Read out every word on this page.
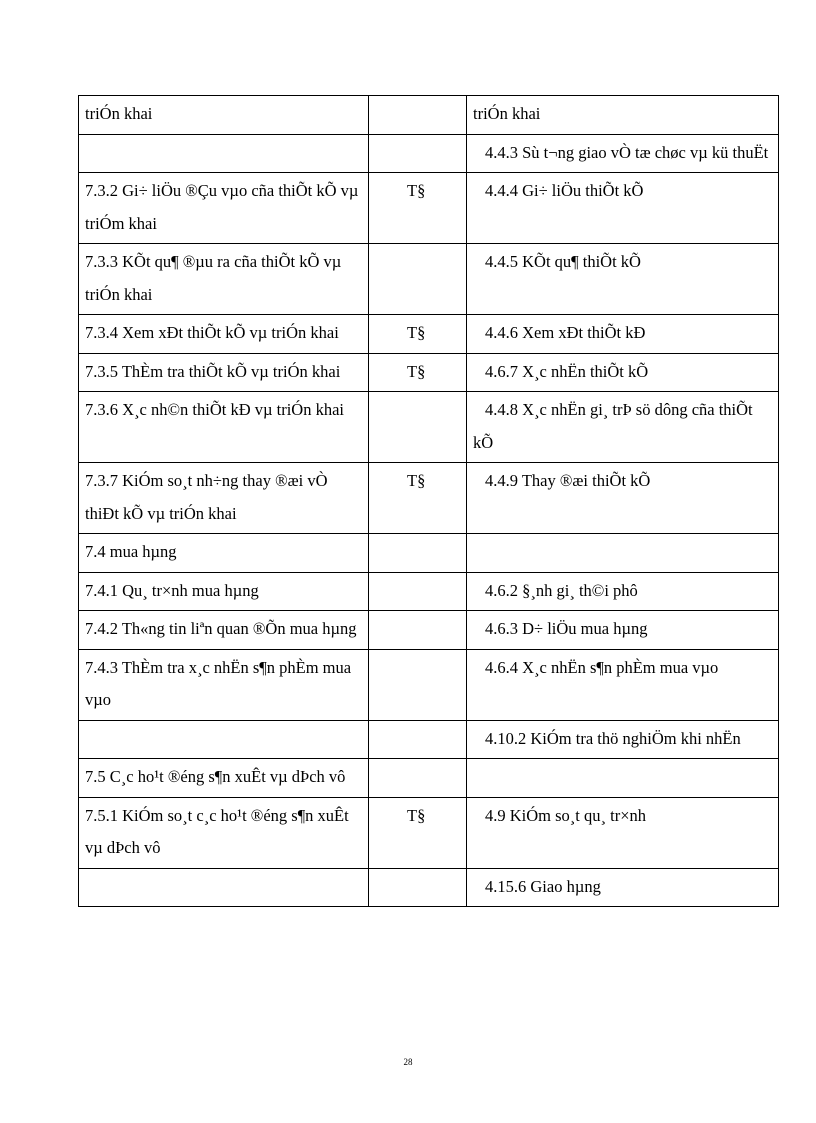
triÓn khai		triÓn khai

		4.4.3 Sù t¬ng giao vÒ tæ chøc vµ kü thuËt

7.3.2 Gi÷ liÖu ®Çu vµo cña thiÕt kÕ vµ triÓm khai	T§	4.4.4 Gi÷ liÖu thiÕt kÕ

7.3.3 KÕt qu¶ ®µu ra cña thiÕt kÕ vµ triÓn khai		4.4.5 KÕt qu¶ thiÕt kÕ

7.3.4 Xem xÐt thiÕt kÕ vµ triÓn khai	T§	4.4.6 Xem xÐt thiÕt kÐ

7.3.5 ThÈm tra thiÕt kÕ vµ triÓn khai	T§	4.6.7 X¸c nhËn thiÕt kÕ

7.3.6 X¸c nh©n thiÕt kÐ vµ triÓn khai		4.4.8 X¸c nhËn gi¸ trÞ sö dông cña thiÕt kÕ

7.3.7 KiÓm so¸t nh÷ng thay ®æi vÒ thiÐt kÕ vµ triÓn khai	T§	4.4.9 Thay ®æi thiÕt kÕ

7.4 mua hµng		

7.4.1 Qu¸ tr×nh mua hµng		4.6.2 §¸nh gi¸ th©i phô

7.4.2 Th«ng tin liªn quan ®Õn mua hµng		4.6.3 D÷ liÖu mua hµng

7.4.3 ThÈm tra x¸c nhËn s¶n phÈm mua vµo		4.6.4 X¸c nhËn s¶n phÈm mua vµo

		4.10.2 KiÓm tra thö nghiÖm khi nhËn

7.5 C¸c ho¹t ®éng s¶n xuÊt vµ dÞch vô		

7.5.1 KiÓm so¸t c¸c ho¹t ®éng s¶n xuÊt vµ dÞch vô	T§	4.9 KiÓm so¸t qu¸ tr×nh

		4.15.6 Giao hµng
28
